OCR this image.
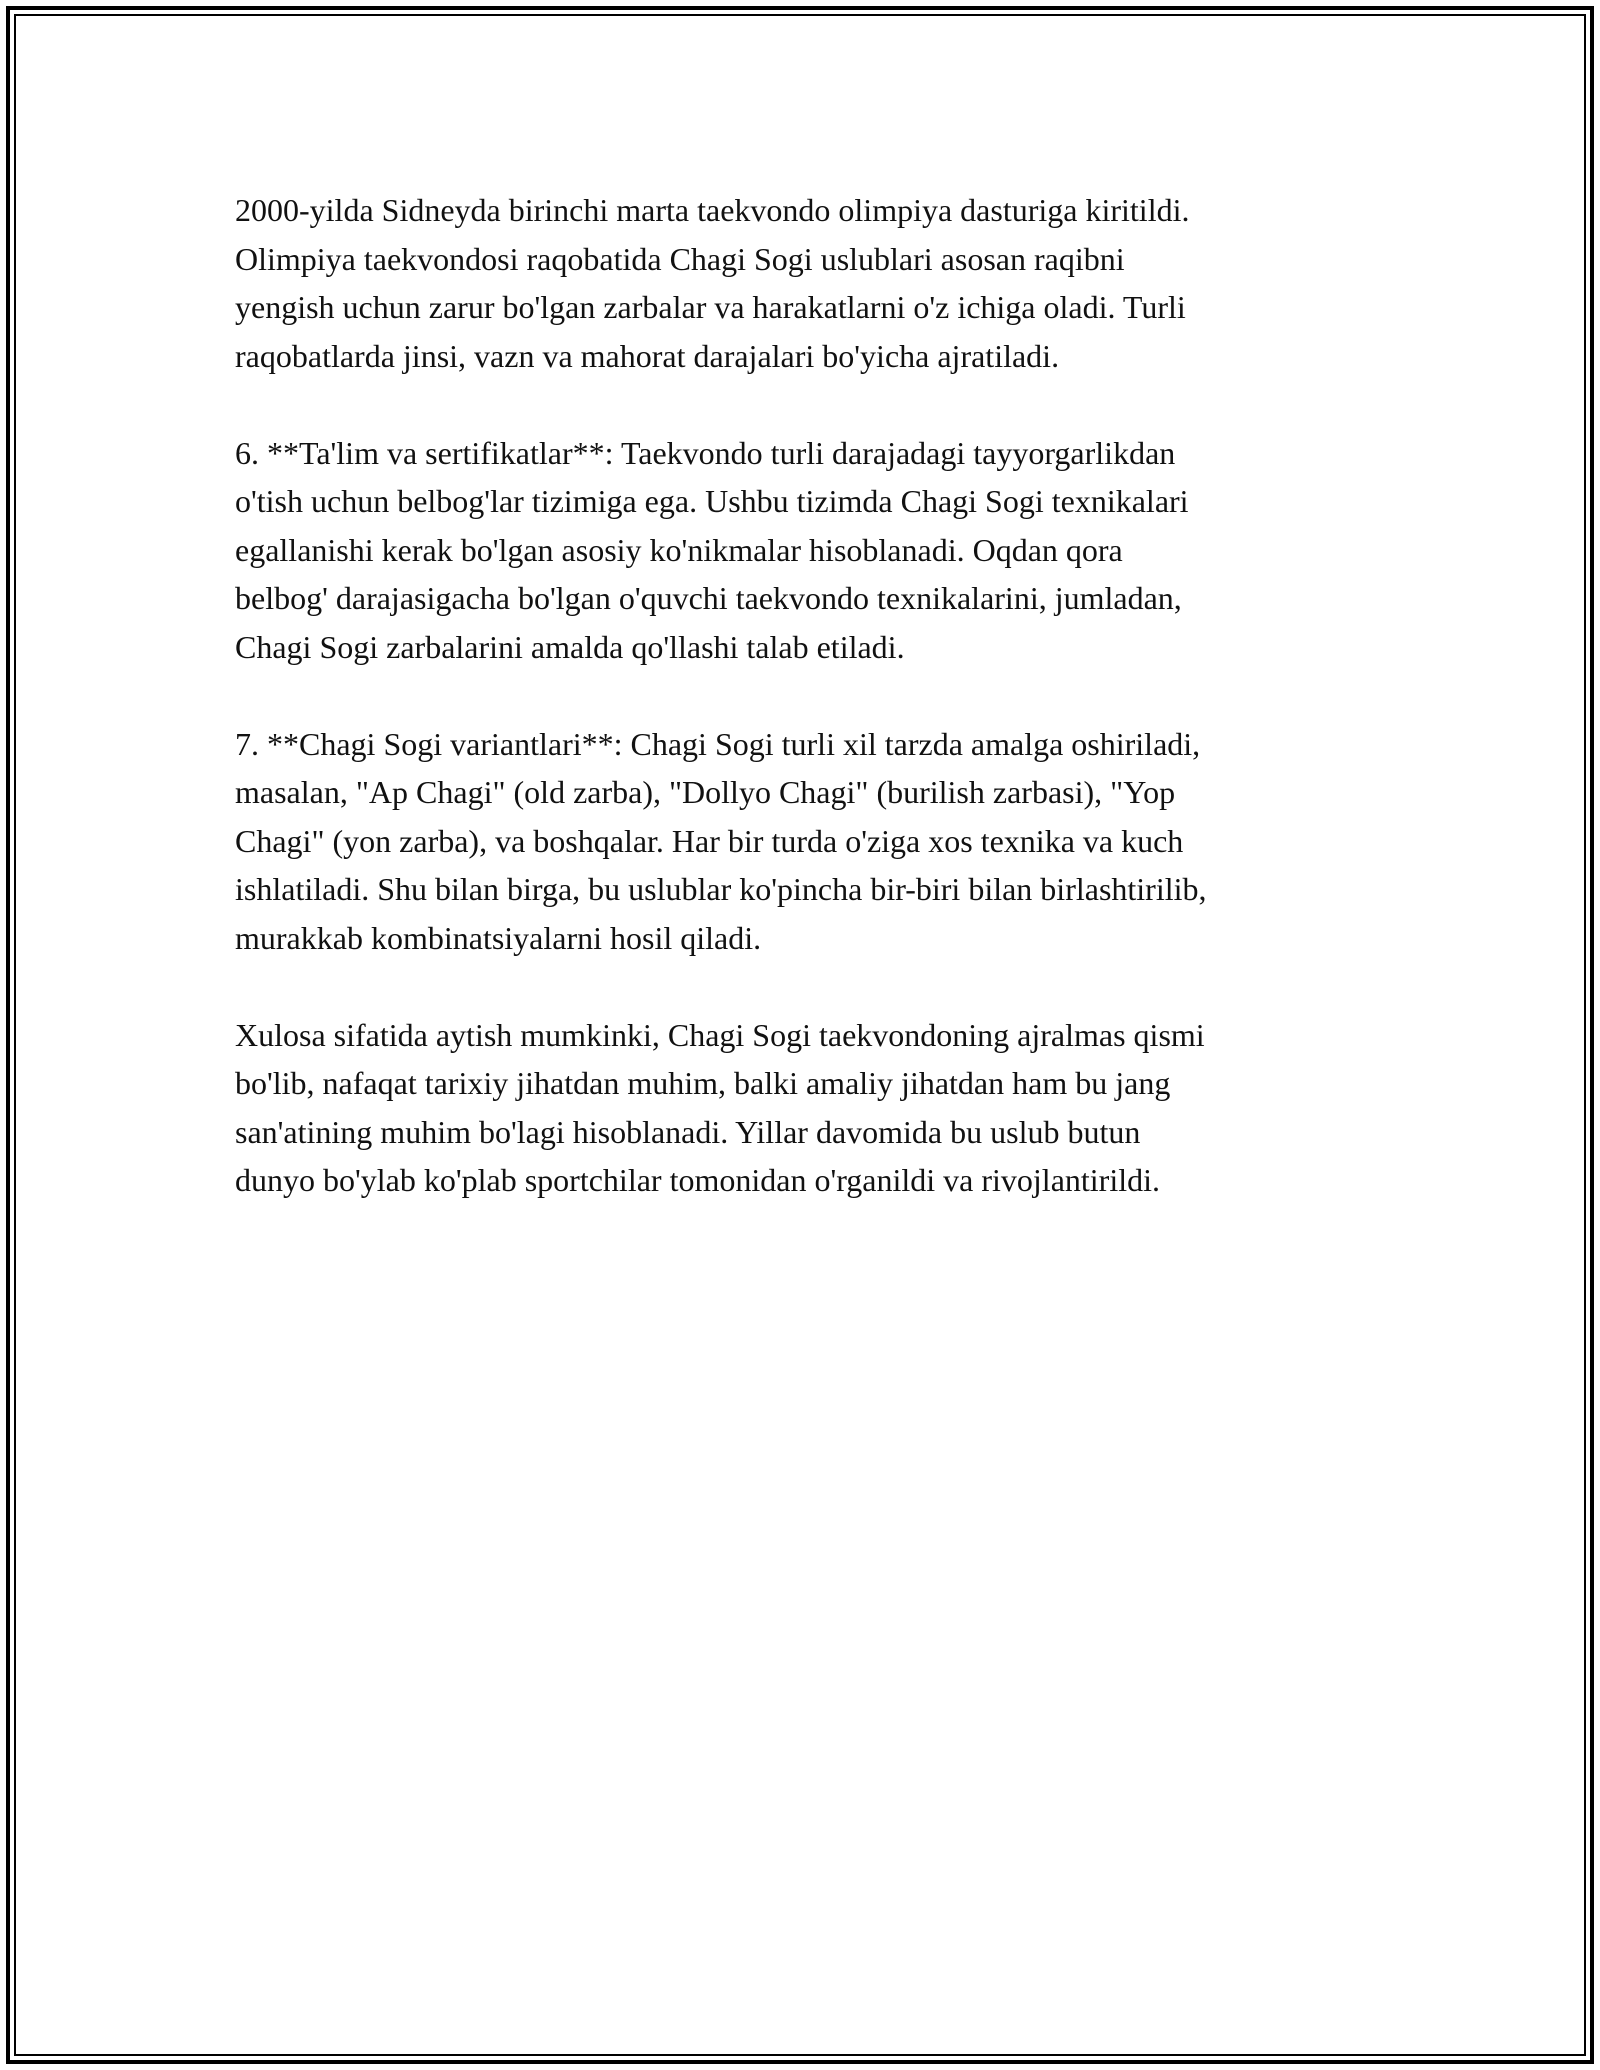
2000-yilda Sidneyda birinchi marta taekvondo olimpiya dasturiga kiritildi.
Olimpiya taekvondosi raqobatida Chagi Sogi uslublari asosan raqibni
yengish uchun zarur bo'lgan zarbalar va harakatlarni o'z ichiga oladi. Turli
raqobatlarda jinsi, vazn va mahorat darajalari bo'yicha ajratiladi.

6. **Ta'lim va sertifikatlar**: Taekvondo turli darajadagi tayyorgarlikdan
o'tish uchun belbog'lar tizimiga ega. Ushbu tizimda Chagi Sogi texnikalari
egallanishi kerak bo'lgan asosiy ko'nikmalar hisoblanadi. Oqdan qora
belbog' darajasigacha bo'lgan o'quvchi taekvondo texnikalarini, jumladan,
Chagi Sogi zarbalarini amalda qo'llashi talab etiladi.

7. **Chagi Sogi variantlari**: Chagi Sogi turli xil tarzda amalga oshiriladi,
masalan, "Ap Chagi" (old zarba), "Dollyo Chagi" (burilish zarbasi), "Yop
Chagi" (yon zarba), va boshqalar. Har bir turda o'ziga xos texnika va kuch
ishlatiladi. Shu bilan birga, bu uslublar ko'pincha bir-biri bilan birlashtirilib,
murakkab kombinatsiyalarni hosil qiladi.

Xulosa sifatida aytish mumkinki, Chagi Sogi taekvondoning ajralmas qismi
bo'lib, nafaqat tarixiy jihatdan muhim, balki amaliy jihatdan ham bu jang
san'atining muhim bo'lagi hisoblanadi. Yillar davomida bu uslub butun
dunyo bo'ylab ko'plab sportchilar tomonidan o'rganildi va rivojlantirildi.
